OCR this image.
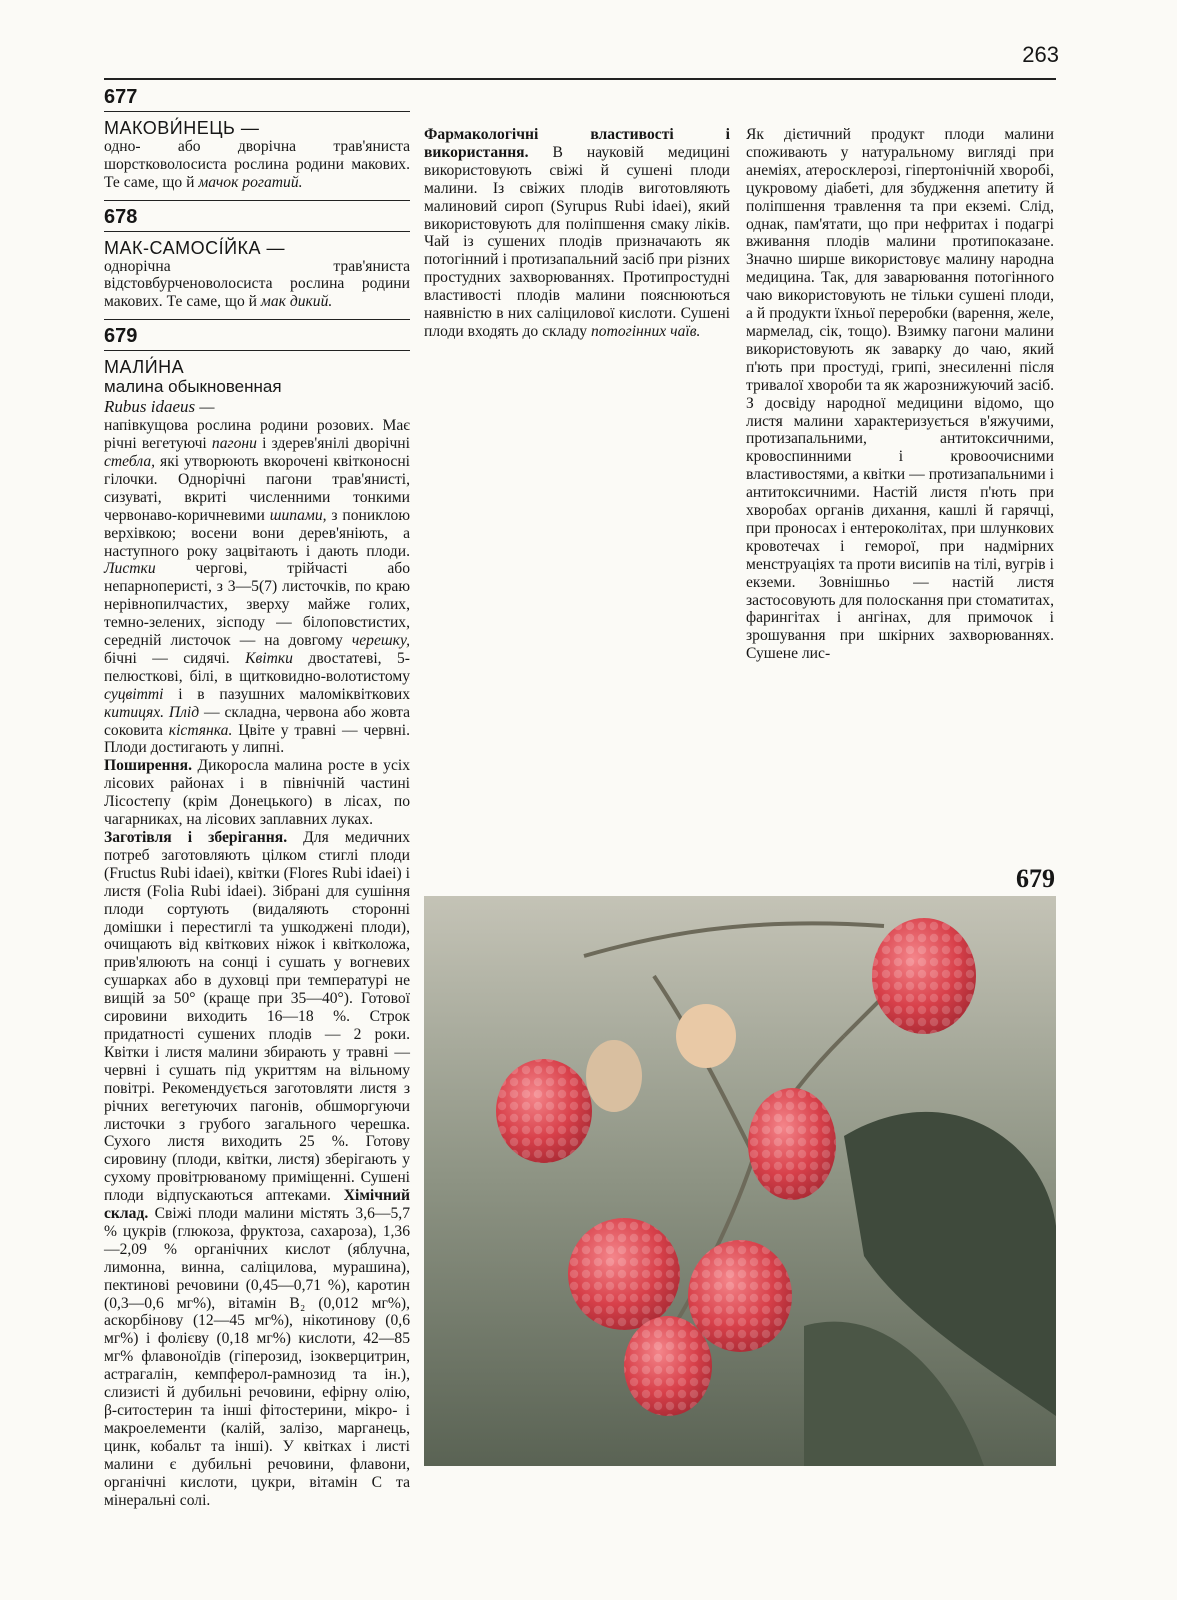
263
677
МАКОВИ́НЕЦЬ —

одно- або дворічна трав'яниста шорстковолосиста рослина родини макових. Те саме, що й мачок рогатий.

678
МАК-САМОСІ́ЙКА —

однорічна трав'яниста відстовбурченоволосиста рослина родини макових. Те саме, що й мак дикий.

679
МАЛИ́НА
малина обыкновенная
Rubus idaeus —

напівкущова рослина родини розових. Має річні вегетуючі пагони і здерев'янілі дворічні стебла, які утворюють вкорочені квітконосні гілочки. Однорічні пагони трав'янисті, сизуваті, вкриті численними тонкими червонаво-коричневими шипами, з пониклою верхівкою; восени вони дерев'яніють, а наступного року зацвітають і дають плоди. Листки чергові, трійчасті або непарноперисті, з 3—5(7) листочків, по краю нерівнопилчастих, зверху майже голих, темно-зелених, зісподу — білоповстистих, середній листочок — на довгому черешку, бічні — сидячі. Квітки двостатеві, 5-пелюсткові, білі, в щитковидно-волотистому суцвітті і в пазушних маломіквіткових китицях. Плід — складна, червона або жовта соковита кістянка. Цвіте у травні — червні. Плоди достигають у липні.

Поширення. Дикоросла малина росте в усіх лісових районах і в північній частині Лісостепу (крім Донецького) в лісах, по чагарниках, на лісових заплавних луках.

Заготівля і зберігання. Для медичних потреб заготовляють цілком стиглі плоди (Fructus Rubi idaei), квітки (Flores Rubi idaei) і листя (Folia Rubi idaei). Зібрані для сушіння плоди сортують (видаляють сторонні домішки і перестиглі та ушкоджені плоди), очищають від квіткових ніжок і квітколожа, прив'ялюють на сонці і сушать у вогневих сушарках або в духовці при температурі не вищій за 50° (краще при 35—40°). Готової сировини виходить 16—18 %. Строк придатності сушених плодів — 2 роки. Квітки і листя малини збирають у травні — червні і сушать під укриттям на вільному повітрі. Рекомендується заготовляти листя з річних вегетуючих пагонів, обшморгуючи листочки з грубого загального черешка. Сухого листя виходить 25 %. Готову сировину (плоди, квітки, листя) зберігають у сухому провітрюваному приміщенні. Сушені плоди відпускаються аптеками. Хімічний склад. Свіжі плоди малини містять 3,6—5,7 % цукрів (глюкоза, фруктоза, сахароза), 1,36—2,09 % органічних кислот (яблучна, лимонна, винна, саліцилова, мурашина), пектинові речовини (0,45—0,71 %), каротин (0,3—0,6 мг%), вітамін B₂ (0,012 мг%), аскорбінову (12—45 мг%), нікотинову (0,6 мг%) і фолієву (0,18 мг%) кислоти, 42—85 мг% флавоноїдів (гіперозид, ізокверцитрин, астрагалін, кемпферол-рамнозид та ін.), слизисті й дубильні речовини, ефірну олію, β-ситостерин та інші фітостерини, мікро- і макроелементи (калій, залізо, марганець, цинк, кобальт та інші). У квітках і листі малини є дубильні речовини, флавони, органічні кислоти, цукри, вітамін С та мінеральні солі.

Фармакологічні властивості і використання. В науковій медицині використовують свіжі й сушені плоди малини. Із свіжих плодів виготовляють малиновий сироп (Syrupus Rubi idaei), який використовують для поліпшення смаку ліків. Чай із сушених плодів призначають як потогінний і протизапальний засіб при різних простудних захворюваннях. Протипростудні властивості плодів малини пояснюються наявністю в них саліцилової кислоти. Сушені плоди входять до складу потогінних чаїв.

Як дієтичний продукт плоди малини споживають у натуральному вигляді при анеміях, атеросклерозі, гіпертонічній хворобі, цукровому діабеті, для збудження апетиту й поліпшення травлення та при екземі. Слід, однак, пам'ятати, що при нефритах і подагрі вживання плодів малини протипоказане. Значно ширше використовує малину народна медицина. Так, для заварювання потогінного чаю використовують не тільки сушені плоди, а й продукти їхньої переробки (варення, желе, мармелад, сік, тощо). Взимку пагони малини використовують як заварку до чаю, який п'ють при простуді, грипі, знесиленні після тривалої хвороби та як жарознижуючий засіб. З досвіду народної медицини відомо, що листя малини характеризується в'яжучими, протизапальними, антитоксичними, кровоспинними і кровоочисними властивостями, а квітки — протизапальними і антитоксичними. Настій листя п'ють при хворобах органів дихання, кашлі й гарячці, при проносах і ентероколітах, при шлункових кровотечах і геморої, при надмірних менструаціях та проти висипів на тілі, вугрів і екземи. Зовнішньо — настій листя застосовують для полоскання при стоматитах, фарингітах і ангінах, для примочок і зрошування при шкірних захворюваннях. Сушене лис-

679
